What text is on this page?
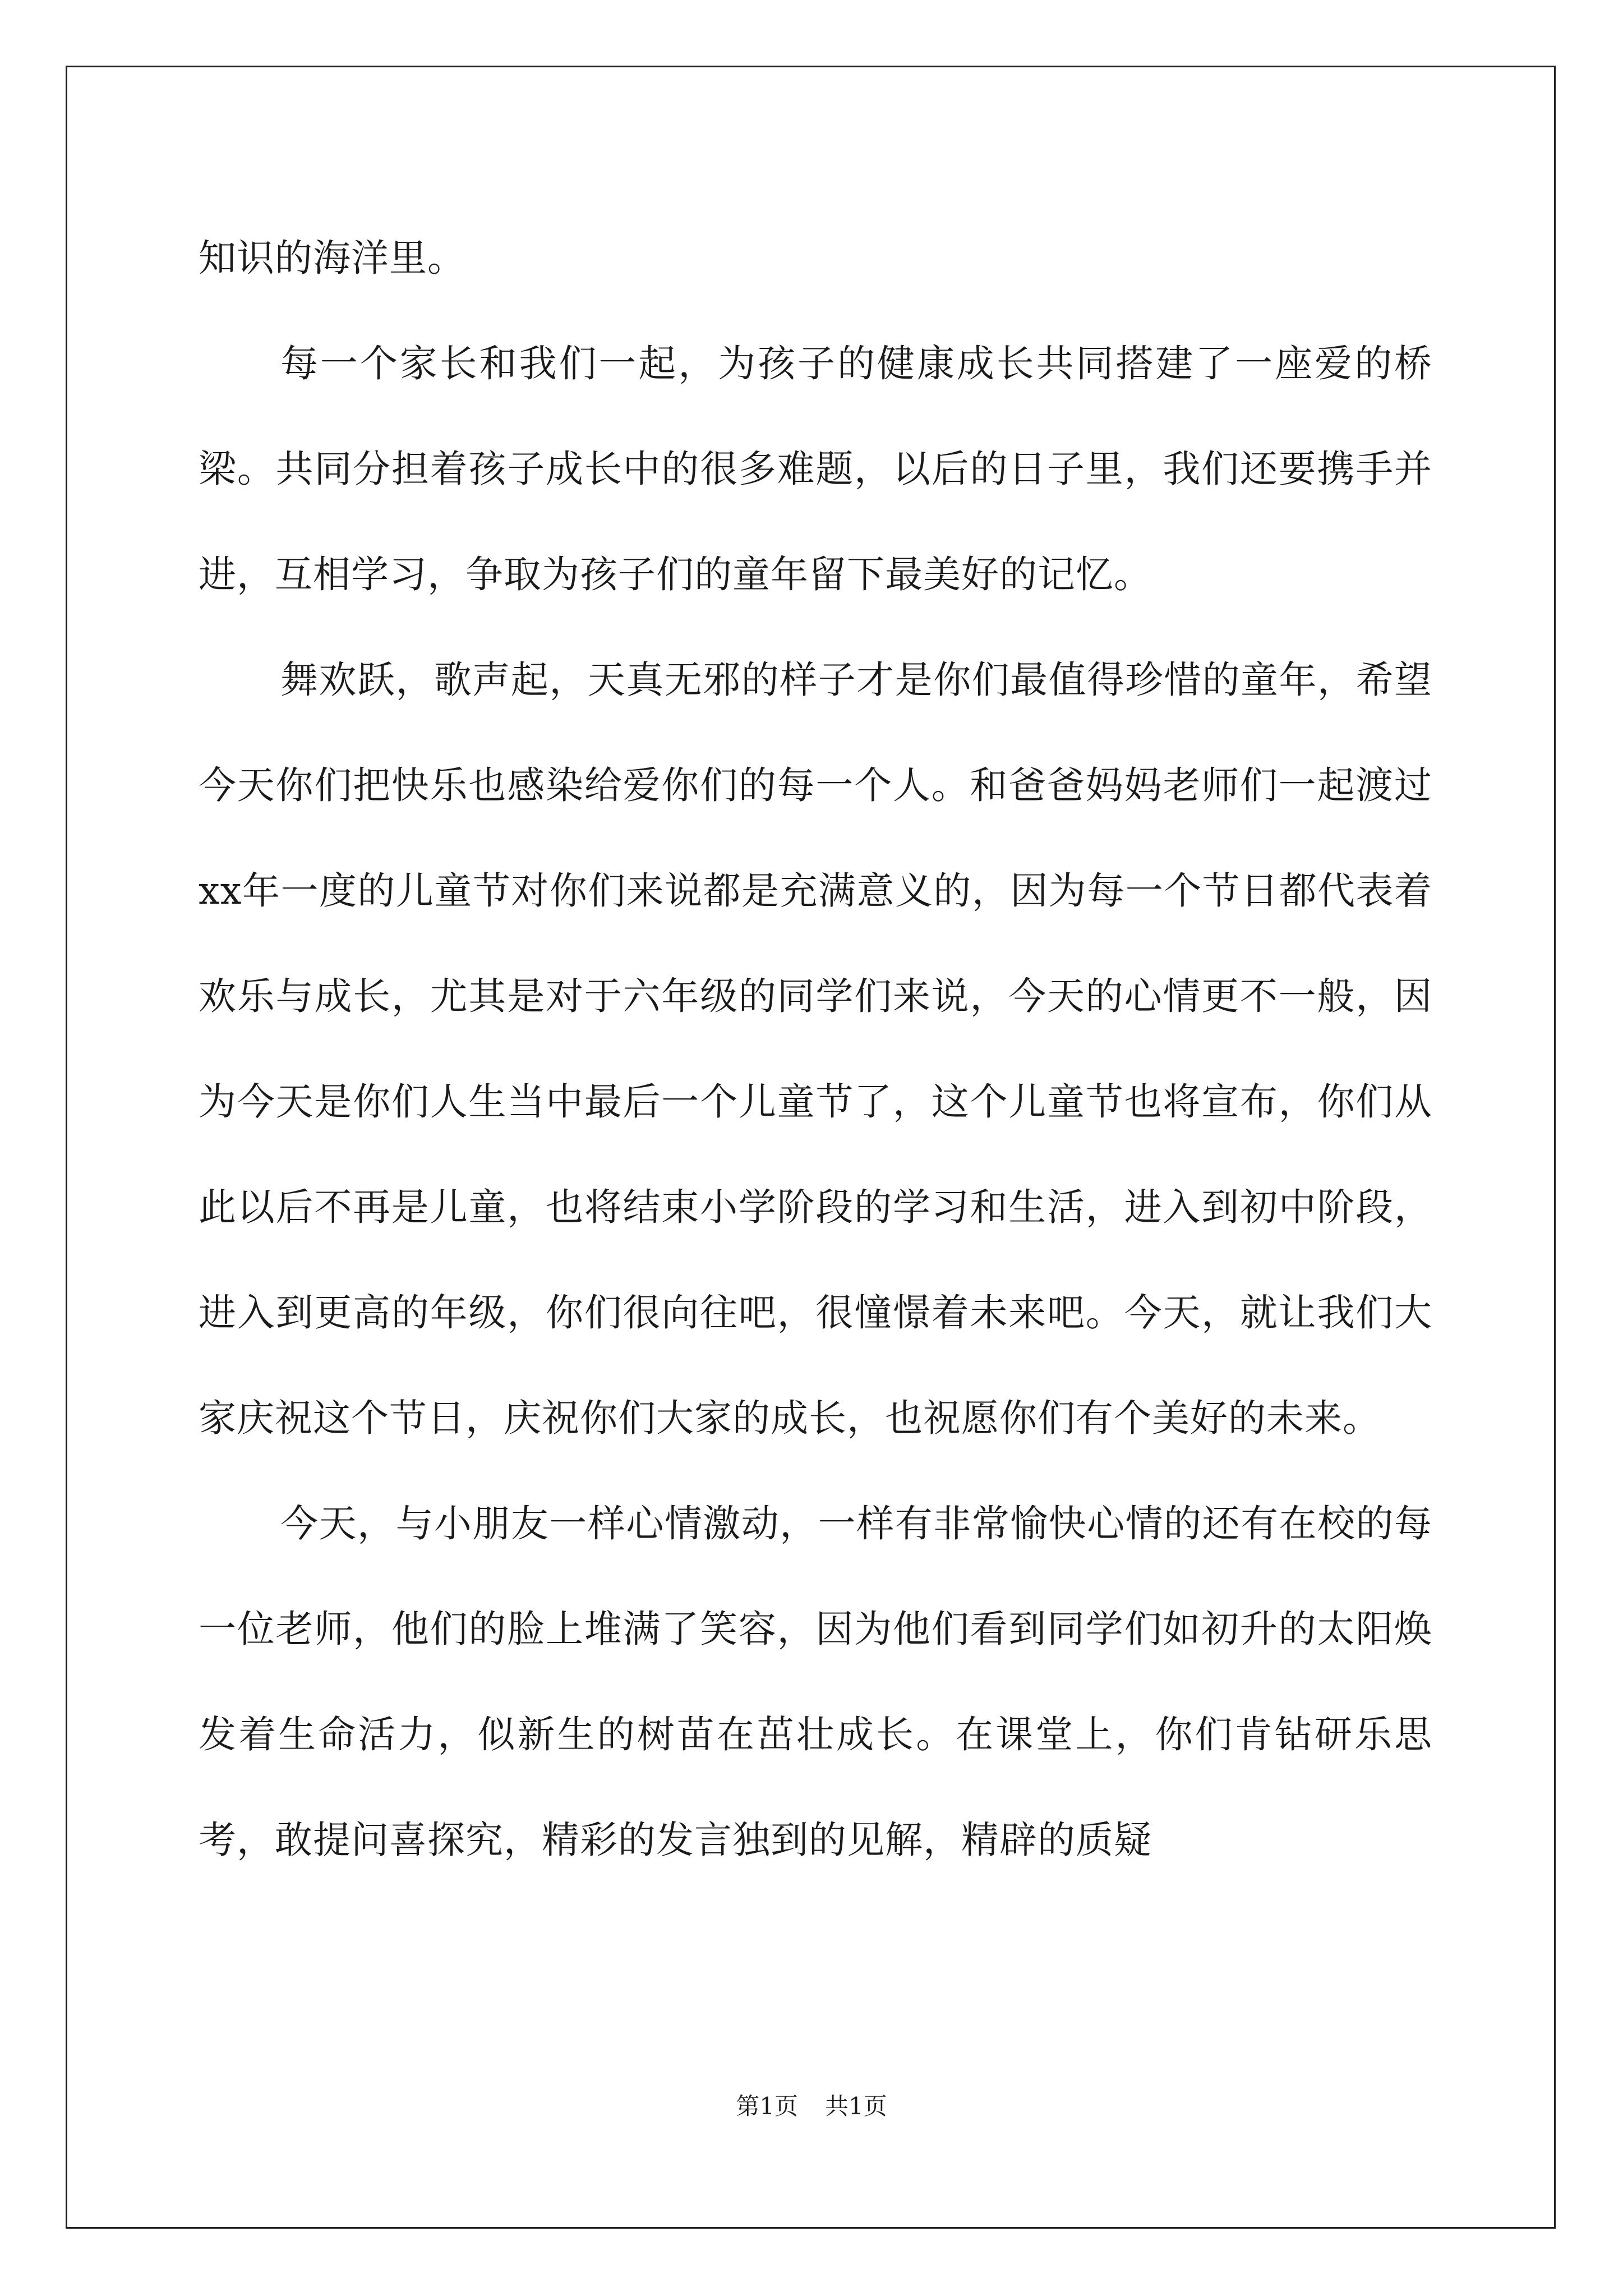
知识的海洋里。

每一个家长和我们一起，为孩子的健康成长共同搭建了一座爱的桥梁。共同分担着孩子成长中的很多难题，以后的日子里，我们还要携手并进，互相学习，争取为孩子们的童年留下最美好的记忆。

舞欢跃，歌声起，天真无邪的样子才是你们最值得珍惜的童年，希望今天你们把快乐也感染给爱你们的每一个人。和爸爸妈妈老师们一起渡过xx年一度的儿童节对你们来说都是充满意义的，因为每一个节日都代表着欢乐与成长，尤其是对于六年级的同学们来说，今天的心情更不一般，因为今天是你们人生当中最后一个儿童节了，这个儿童节也将宣布，你们从此以后不再是儿童，也将结束小学阶段的学习和生活，进入到初中阶段，进入到更高的年级，你们很向往吧，很憧憬着未来吧。今天，就让我们大家庆祝这个节日，庆祝你们大家的成长，也祝愿你们有个美好的未来。

今天，与小朋友一样心情激动，一样有非常愉快心情的还有在校的每一位老师，他们的脸上堆满了笑容，因为他们看到同学们如初升的太阳焕发着生命活力，似新生的树苗在茁壮成长。在课堂上，你们肯钻研乐思考，敢提问喜探究，精彩的发言独到的见解，精辟的质疑

第1页 共1页
